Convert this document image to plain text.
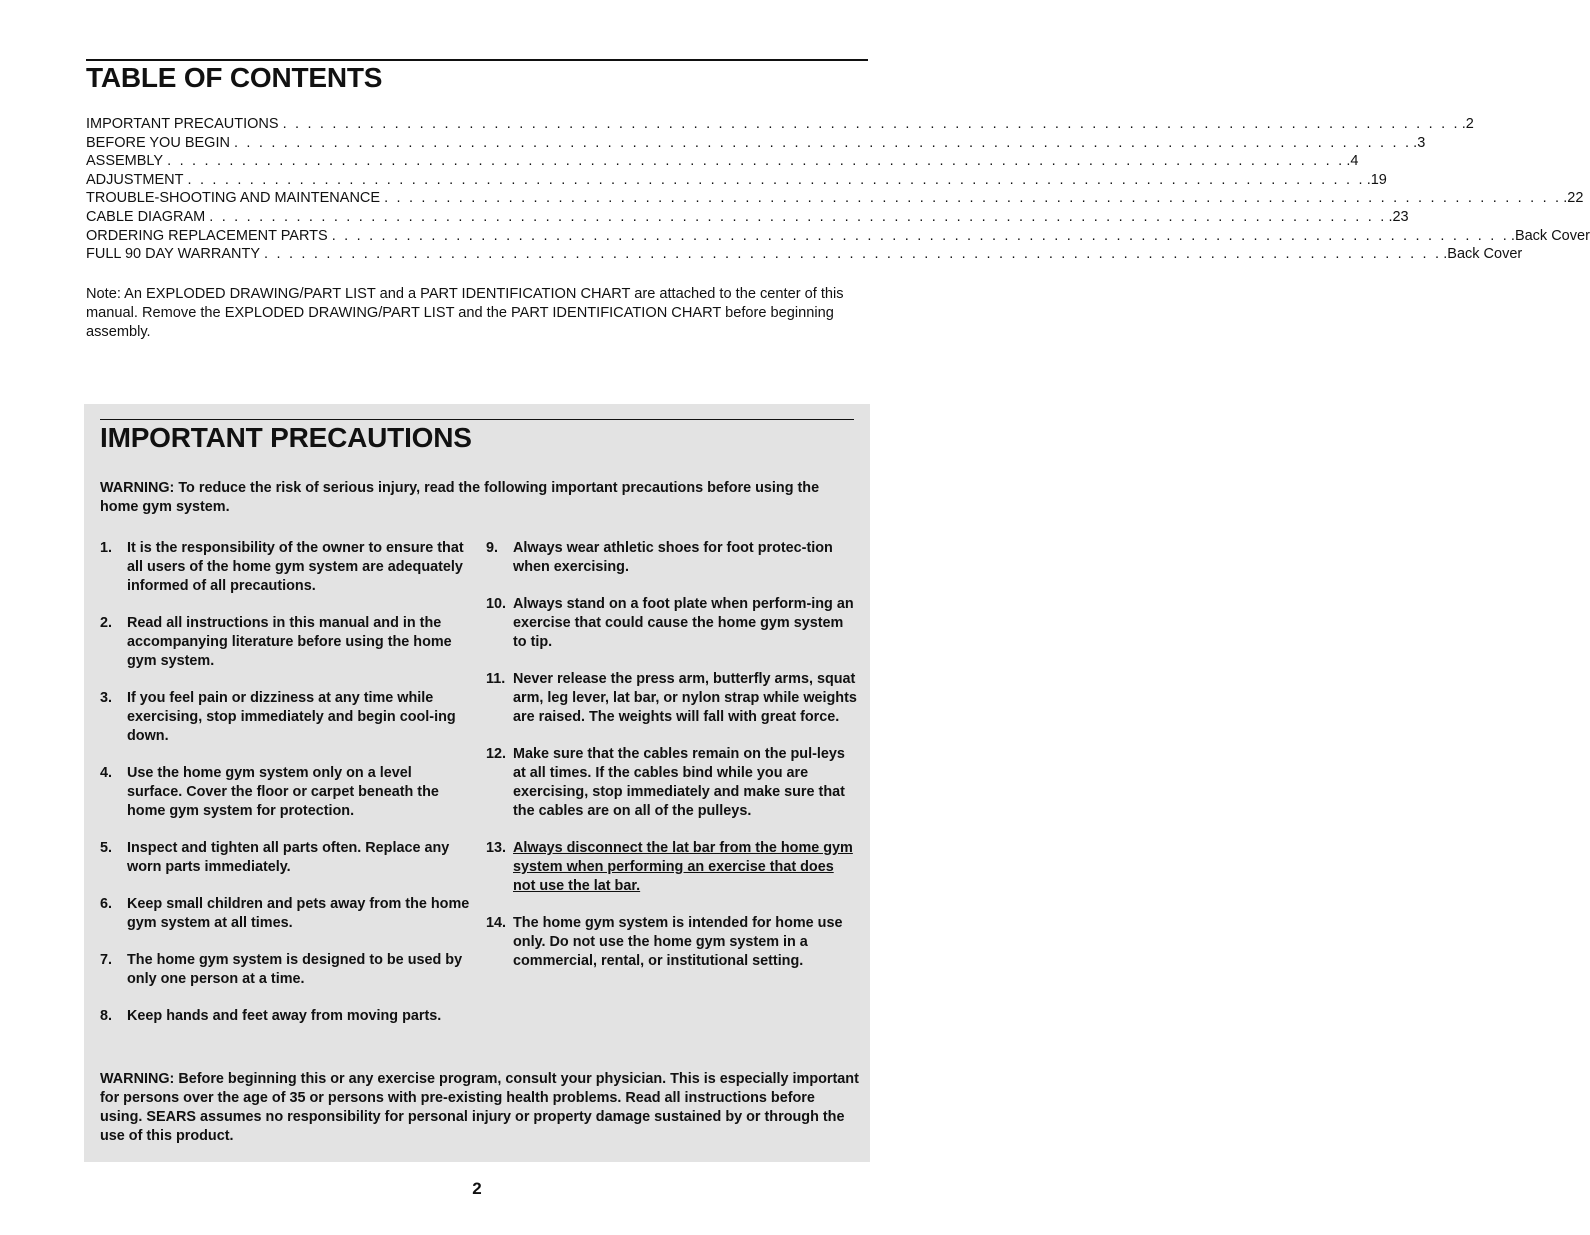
TABLE OF CONTENTS
IMPORTANT PRECAUTIONS . . . . . . . . . . . . . . . . . . . . . . . . . . . . . . . . . . . . . . . . . . . . . . . . . . . . . . . . . . . . . . . . . . . . . . . . . . . . . . . . . . . . . . . . . . . . . . . .2
BEFORE YOU BEGIN . . . . . . . . . . . . . . . . . . . . . . . . . . . . . . . . . . . . . . . . . . . . . . . . . . . . . . . . . . . . . . . . . . . . . . . . . . . . . . . . . . . . . . . . . . . . . . . .3
ASSEMBLY . . . . . . . . . . . . . . . . . . . . . . . . . . . . . . . . . . . . . . . . . . . . . . . . . . . . . . . . . . . . . . . . . . . . . . . . . . . . . . . . . . . . . . . . . . . . . . . .4
ADJUSTMENT . . . . . . . . . . . . . . . . . . . . . . . . . . . . . . . . . . . . . . . . . . . . . . . . . . . . . . . . . . . . . . . . . . . . . . . . . . . . . . . . . . . . . . . . . . . . . . . .19
TROUBLE-SHOOTING AND MAINTENANCE . . . . . . . . . . . . . . . . . . . . . . . . . . . . . . . . . . . . . . . . . . . . . . . . . . . . . . . . . . . . . . . . . . . . . . . . . . . . . . . . . . . . . . . . . . . . . . . .22
CABLE DIAGRAM . . . . . . . . . . . . . . . . . . . . . . . . . . . . . . . . . . . . . . . . . . . . . . . . . . . . . . . . . . . . . . . . . . . . . . . . . . . . . . . . . . . . . . . . . . . . . . . .23
ORDERING REPLACEMENT PARTS . . . . . . . . . . . . . . . . . . . . . . . . . . . . . . . . . . . . . . . . . . . . . . . . . . . . . . . . . . . . . . . . . . . . . . . . . . . . . . . . . . . . . . . . . . . . . . . .Back Cover
FULL 90 DAY WARRANTY . . . . . . . . . . . . . . . . . . . . . . . . . . . . . . . . . . . . . . . . . . . . . . . . . . . . . . . . . . . . . . . . . . . . . . . . . . . . . . . . . . . . . . . . . . . . . . . .Back Cover

Note: An EXPLODED DRAWING/PART LIST and a PART IDENTIFICATION CHART are attached to the center of this manual. Remove the EXPLODED DRAWING/PART LIST and the PART IDENTIFICATION CHART before beginning assembly.

IMPORTANT PRECAUTIONS

WARNING: To reduce the risk of serious injury, read the following important precautions before using the home gym system.

1. It is the responsibility of the owner to ensure that all users of the home gym system are adequately informed of all precautions.
2. Read all instructions in this manual and in the accompanying literature before using the home gym system.
3. If you feel pain or dizziness at any time while exercising, stop immediately and begin cool-ing down.
4. Use the home gym system only on a level surface. Cover the floor or carpet beneath the home gym system for protection.
5. Inspect and tighten all parts often. Replace any worn parts immediately.
6. Keep small children and pets away from the home gym system at all times.
7. The home gym system is designed to be used by only one person at a time.
8. Keep hands and feet away from moving parts.
9. Always wear athletic shoes for foot protec-tion when exercising.
10. Always stand on a foot plate when perform-ing an exercise that could cause the home gym system to tip.
11. Never release the press arm, butterfly arms, squat arm, leg lever, lat bar, or nylon strap while weights are raised. The weights will fall with great force.
12. Make sure that the cables remain on the pul-leys at all times. If the cables bind while you are exercising, stop immediately and make sure that the cables are on all of the pulleys.
13. Always disconnect the lat bar from the home gym system when performing an exercise that does not use the lat bar.
14. The home gym system is intended for home use only. Do not use the home gym system in a commercial, rental, or institutional setting.

WARNING: Before beginning this or any exercise program, consult your physician. This is especially important for persons over the age of 35 or persons with pre-existing health problems. Read all instructions before using. SEARS assumes no responsibility for personal injury or property damage sustained by or through the use of this product.

2
